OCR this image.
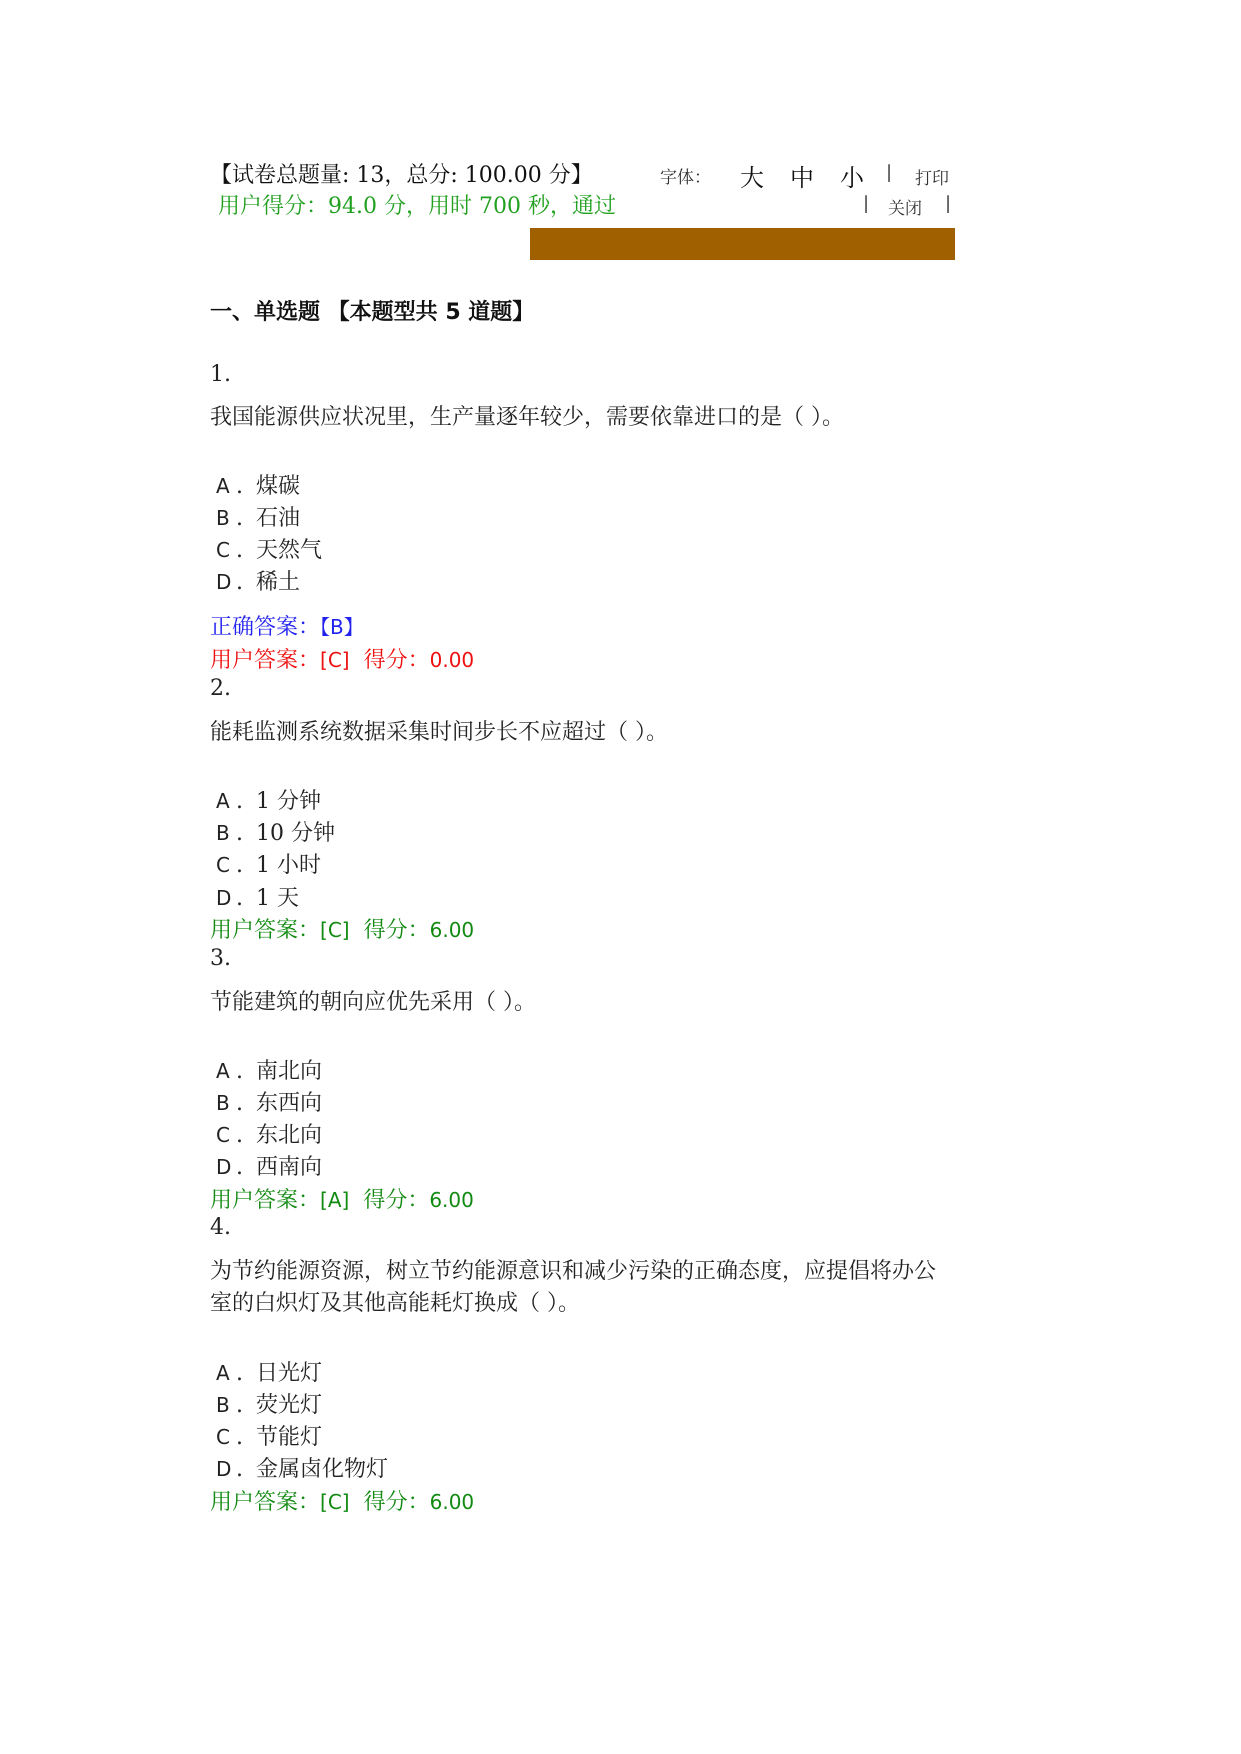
【试卷总题量: 13，总分: 100.00 分】	字体： 大 中 小 | 打印
用户得分：94.0 分，用时 700 秒，通过	| 关闭 |
一、单选题 【本题型共 5 道题】
1.
我国能源供应状况里，生产量逐年较少，需要依靠进口的是（ ）。
A . 煤碳
B . 石油
C . 天然气
D . 稀土
正确答案：【B】
用户答案：[C] 得分：0.00
2.
能耗监测系统数据采集时间步长不应超过（ ）。
A . 1 分钟
B . 10 分钟
C . 1 小时
D . 1 天
用户答案：[C] 得分：6.00
3.
节能建筑的朝向应优先采用（ ）。
A . 南北向
B . 东西向
C . 东北向
D . 西南向
用户答案：[A] 得分：6.00
4.
为节约能源资源，树立节约能源意识和减少污染的正确态度，应提倡将办公室的白炽灯及其他高能耗灯换成（ ）。
A . 日光灯
B . 荧光灯
C . 节能灯
D . 金属卤化物灯
用户答案：[C] 得分：6.00
